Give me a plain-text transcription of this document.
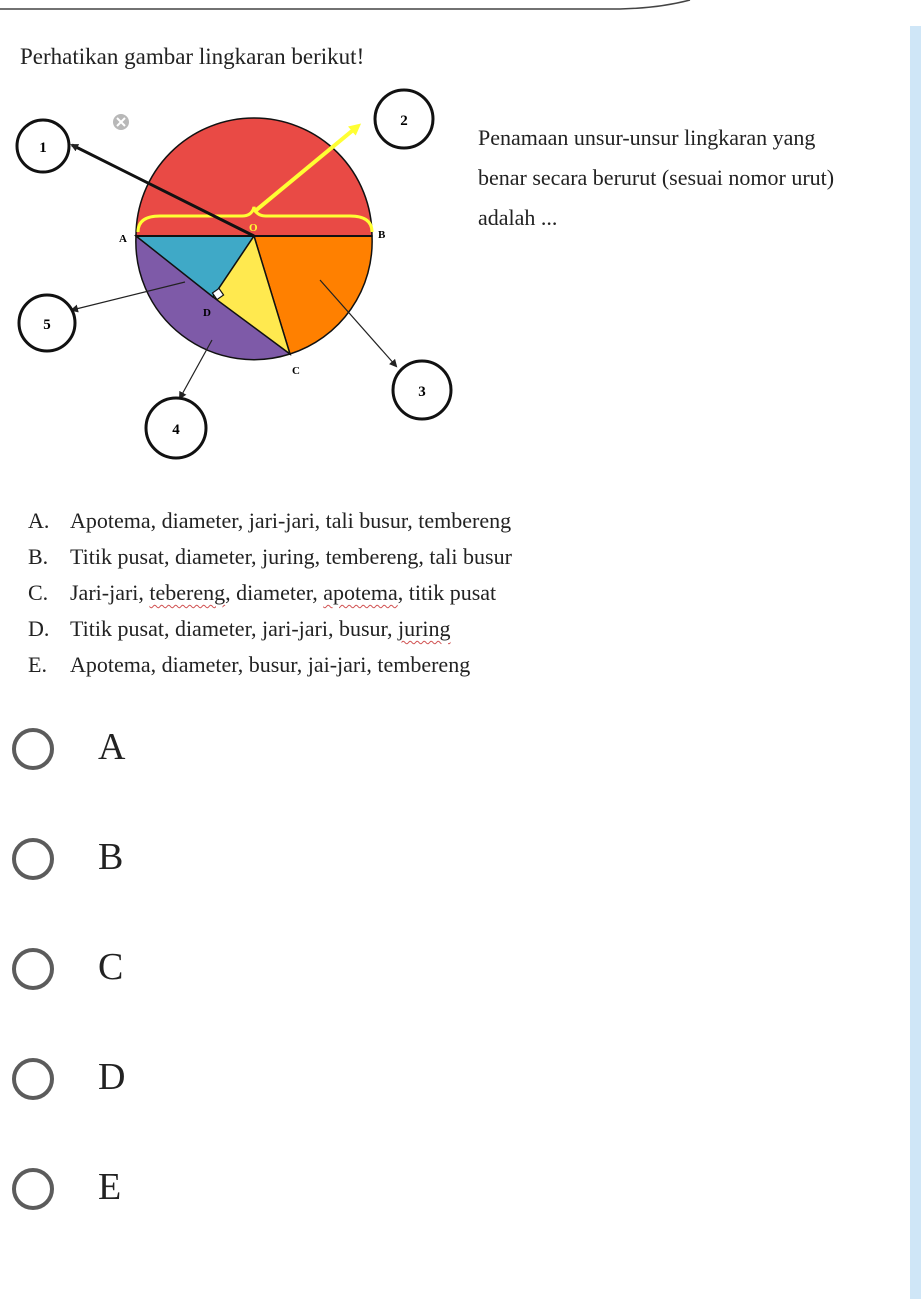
Perhatikan gambar lingkaran berikut!
1
2
3
4
5
A	B
O
C
D
Penamaan unsur-unsur lingkaran yang benar secara berurut (sesuai nomor urut) adalah ...
A. Apotema, diameter, jari-jari, tali busur, tembereng
B. Titik pusat, diameter, juring, tembereng, tali busur
C. Jari-jari, tebereng, diameter, apotema, titik pusat
D. Titik pusat, diameter, jari-jari, busur, juring
E. Apotema, diameter, busur, jai-jari, tembereng
A
B
C
D
E
